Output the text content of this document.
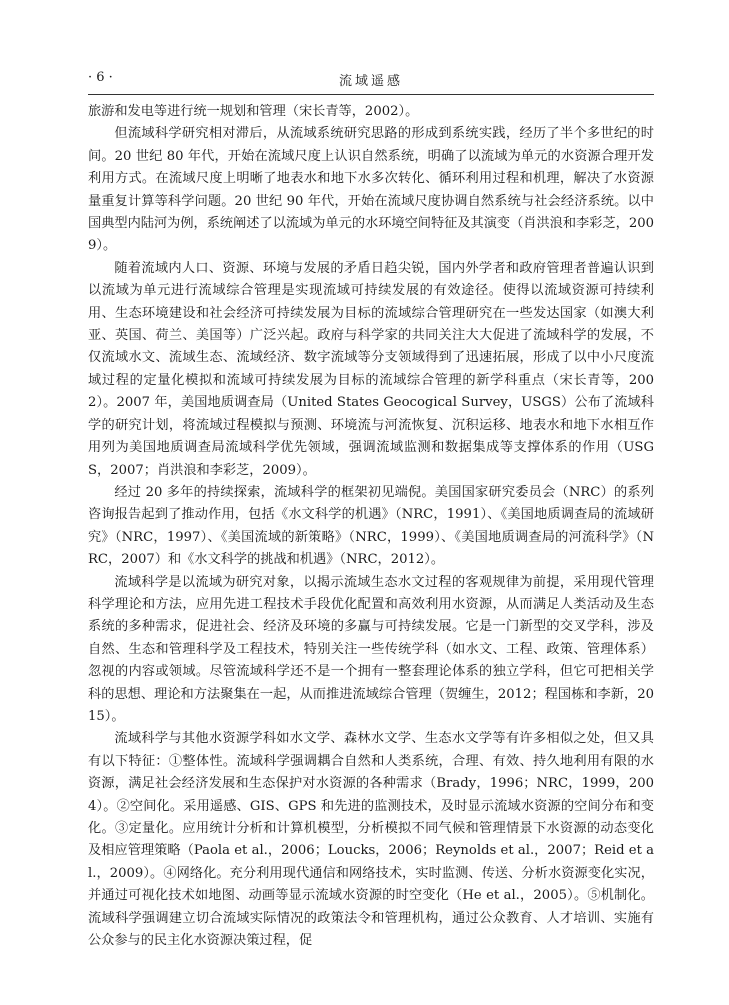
· 6 ·	流域遥感

旅游和发电等进行统一规划和管理（宋长青等，2002）。

但流域科学研究相对滞后，从流域系统研究思路的形成到系统实践，经历了半个多世纪的时间。20 世纪 80 年代，开始在流域尺度上认识自然系统，明确了以流域为单元的水资源合理开发利用方式。在流域尺度上明晰了地表水和地下水多次转化、循环利用过程和机理，解决了水资源量重复计算等科学问题。20 世纪 90 年代，开始在流域尺度协调自然系统与社会经济系统。以中国典型内陆河为例，系统阐述了以流域为单元的水环境空间特征及其演变（肖洪浪和李彩芝，2009）。

随着流域内人口、资源、环境与发展的矛盾日趋尖锐，国内外学者和政府管理者普遍认识到以流域为单元进行流域综合管理是实现流域可持续发展的有效途径。使得以流域资源可持续利用、生态环境建设和社会经济可持续发展为目标的流域综合管理研究在一些发达国家（如澳大利亚、英国、荷兰、美国等）广泛兴起。政府与科学家的共同关注大大促进了流域科学的发展，不仅流域水文、流域生态、流域经济、数字流域等分支领域得到了迅速拓展，形成了以中小尺度流域过程的定量化模拟和流域可持续发展为目标的流域综合管理的新学科重点（宋长青等，2002）。2007 年，美国地质调查局（United States Geocogical Survey，USGS）公布了流域科学的研究计划，将流域过程模拟与预测、环境流与河流恢复、沉积运移、地表水和地下水相互作用列为美国地质调查局流域科学优先领域，强调流域监测和数据集成等支撑体系的作用（USGS，2007；肖洪浪和李彩芝，2009）。

经过 20 多年的持续探索，流域科学的框架初见端倪。美国国家研究委员会（NRC）的系列咨询报告起到了推动作用，包括《水文科学的机遇》（NRC，1991）、《美国地质调查局的流域研究》（NRC，1997）、《美国流域的新策略》（NRC，1999）、《美国地质调查局的河流科学》（NRC，2007）和《水文科学的挑战和机遇》（NRC，2012）。

流域科学是以流域为研究对象，以揭示流域生态水文过程的客观规律为前提，采用现代管理科学理论和方法，应用先进工程技术手段优化配置和高效利用水资源，从而满足人类活动及生态系统的多种需求，促进社会、经济及环境的多赢与可持续发展。它是一门新型的交叉学科，涉及自然、生态和管理科学及工程技术，特别关注一些传统学科（如水文、工程、政策、管理体系）忽视的内容或领域。尽管流域科学还不是一个拥有一整套理论体系的独立学科，但它可把相关学科的思想、理论和方法聚集在一起，从而推进流域综合管理（贺缠生，2012；程国栋和李新，2015）。

流域科学与其他水资源学科如水文学、森林水文学、生态水文学等有许多相似之处，但又具有以下特征：①整体性。流域科学强调耦合自然和人类系统，合理、有效、持久地利用有限的水资源，满足社会经济发展和生态保护对水资源的各种需求（Brady，1996；NRC，1999，2004）。②空间化。采用遥感、GIS、GPS 和先进的监测技术，及时显示流域水资源的空间分布和变化。③定量化。应用统计分析和计算机模型，分析模拟不同气候和管理情景下水资源的动态变化及相应管理策略（Paola et al.，2006；Loucks，2006；Reynolds et al.，2007；Reid et al.，2009）。④网络化。充分利用现代通信和网络技术，实时监测、传送、分析水资源变化实况，并通过可视化技术如地图、动画等显示流域水资源的时空变化（He et al.，2005）。⑤机制化。流域科学强调建立切合流域实际情况的政策法令和管理机构，通过公众教育、人才培训、实施有公众参与的民主化水资源决策过程，促
